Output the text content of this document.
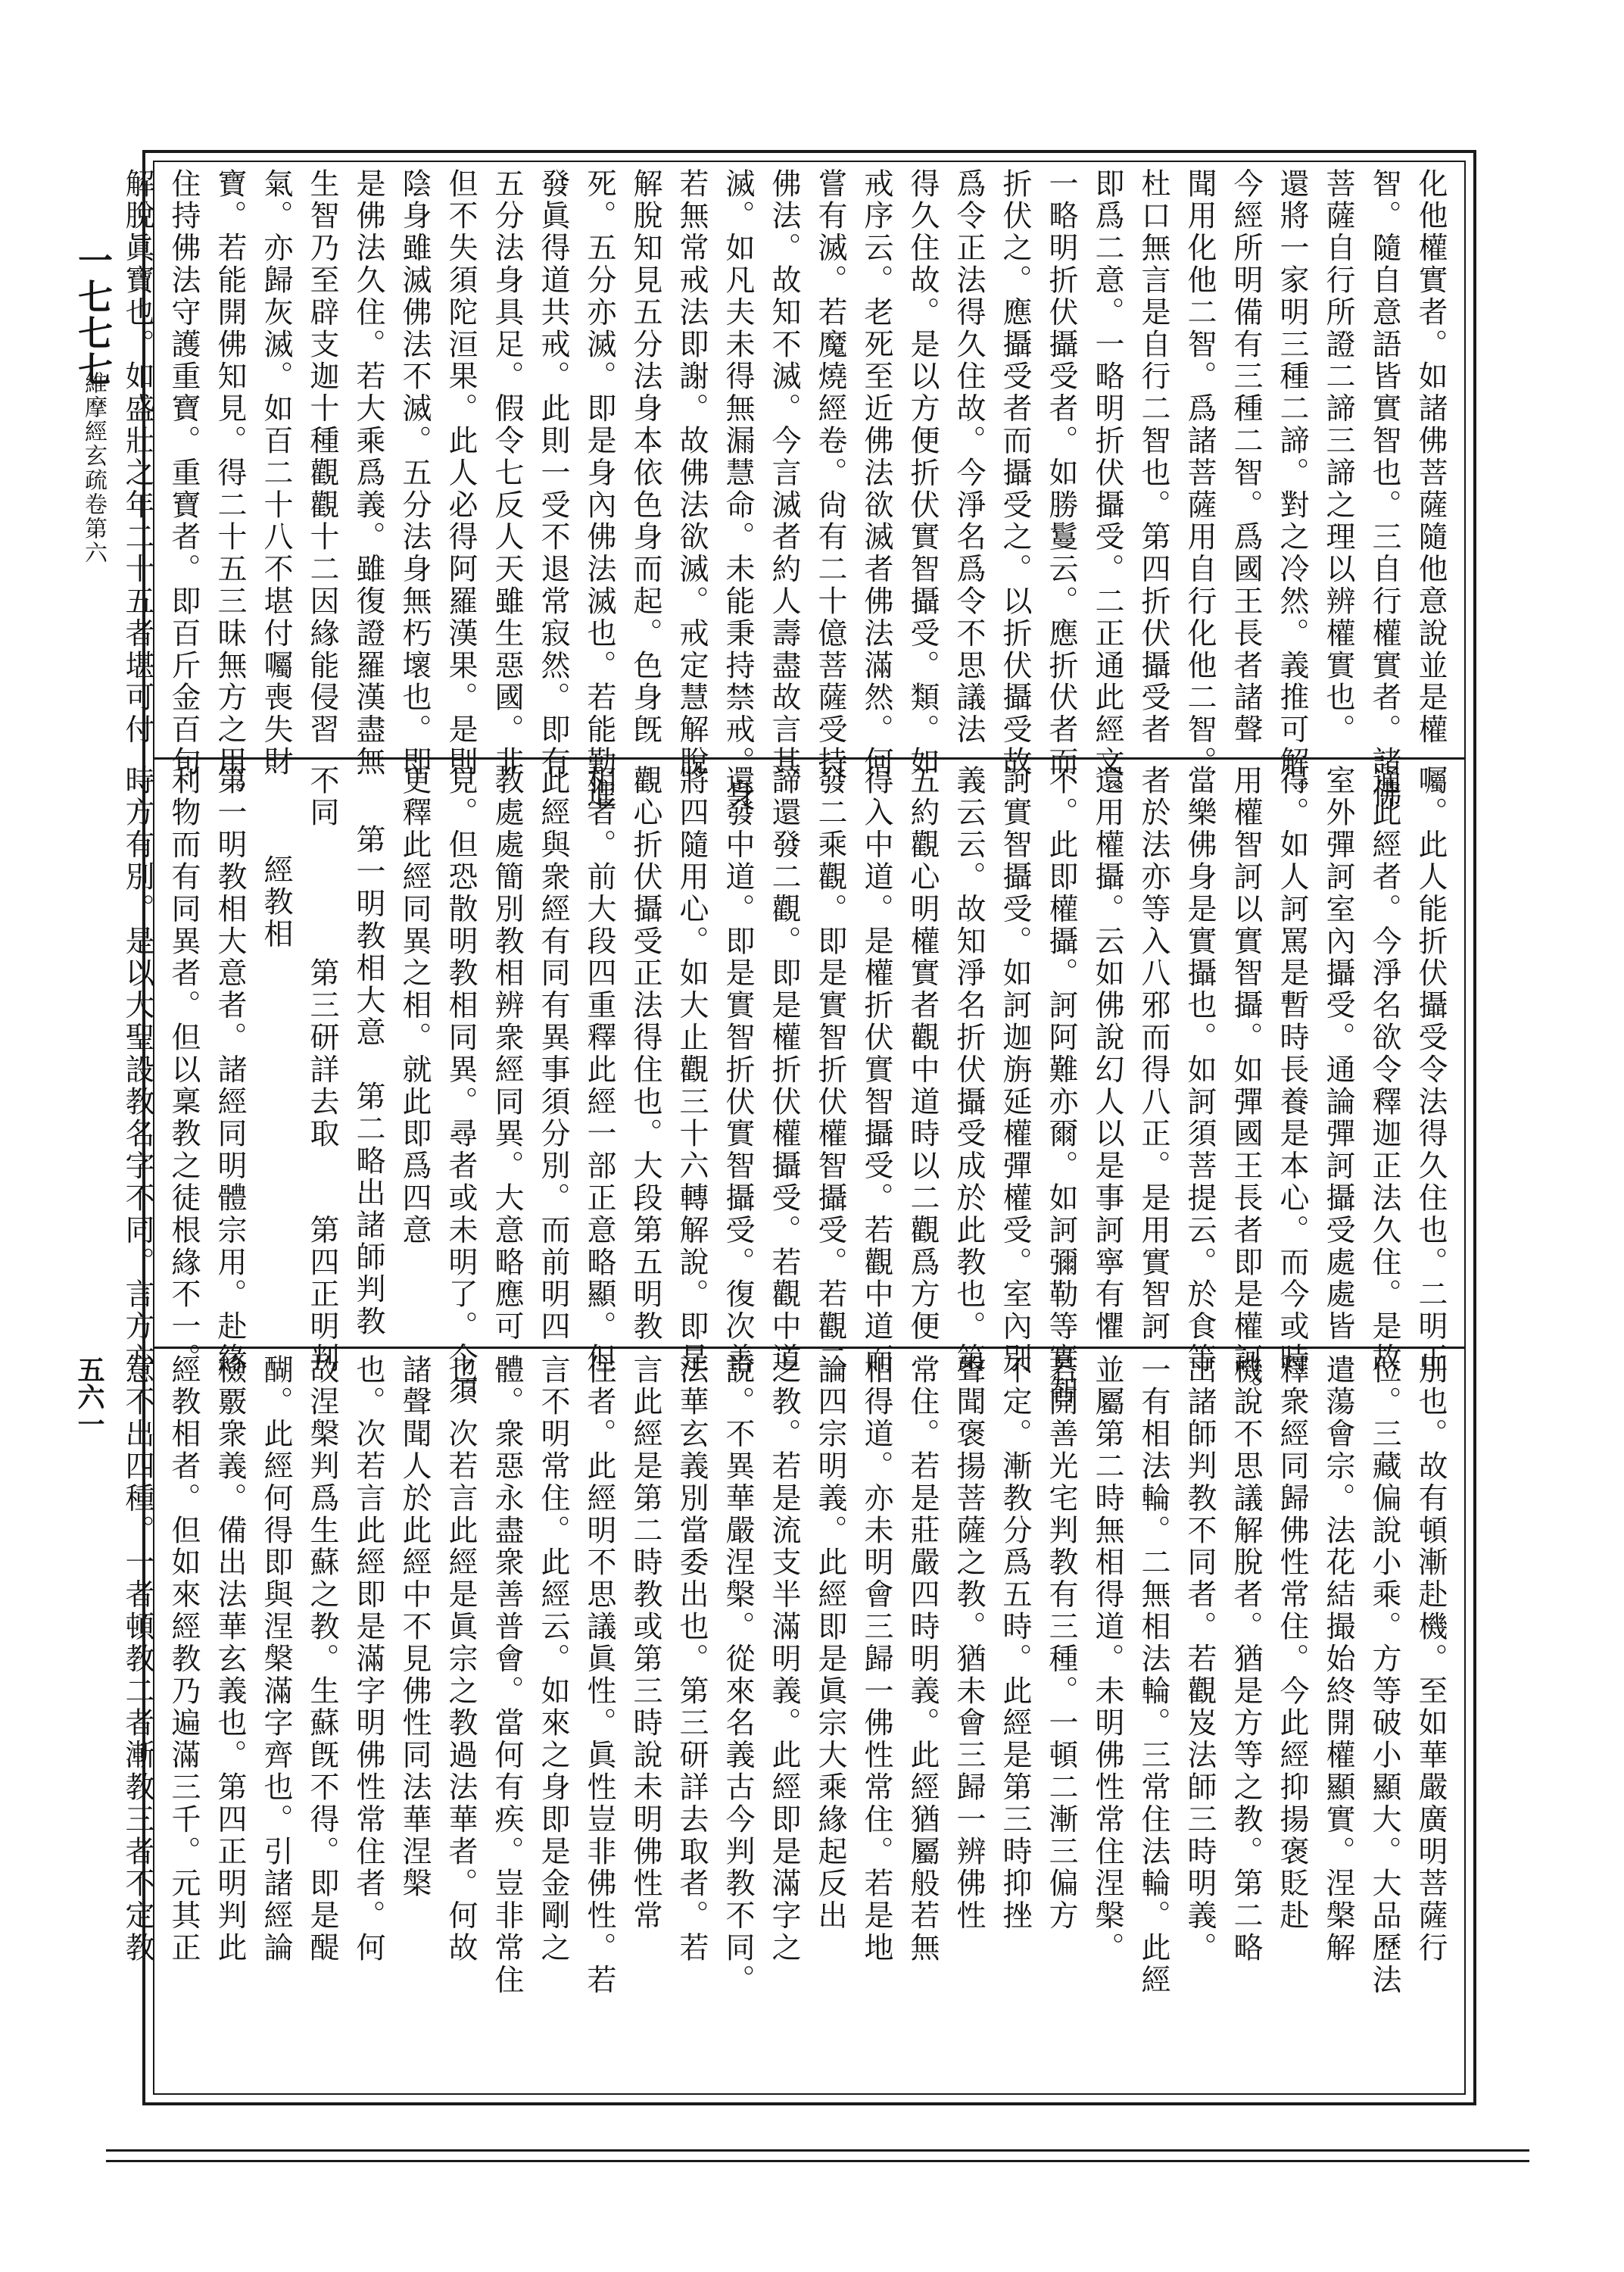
一七七七
維摩經玄疏卷第六
五六一
化他權實者。如諸佛菩薩隨他意說並是權
智。隨自意語皆實智也。三自行權實者。諸佛
菩薩自行所證二諦三諦之理以辨權實也。
還將一家明三種二諦。對之冷然。義推可解。
今經所明備有三種二智。爲國王長者諸聲
聞用化他二智。爲諸菩薩用自行化他二智。
杜口無言是自行二智也。第四折伏攝受者
即爲二意。一略明折伏攝受。二正通此經文。
一略明折伏攝受者。如勝鬘云。應折伏者而
折伏之。應攝受者而攝受之。以折伏攝受故
爲令正法得久住故。今淨名爲令不思議法
得久住故。是以方便折伏實智攝受。類。如
戒序云。老死至近佛法欲滅者佛法滿然。何
嘗有滅。若魔燒經卷。尙有二十億菩薩受持
佛法。故知不滅。今言滅者約人壽盡故言其
滅。如凡夫未得無漏慧命。未能秉持禁戒。身
若無常戒法即謝。故佛法欲滅。戒定慧解脫
解脫知見五分法身本依色身而起。色身旣
死。五分亦滅。即是身內佛法滅也。若能勤進
發眞得道共戒。此則一受不退常寂然。即有
五分法身具足。假令七反人天雖生惡國。非
但不失須陀洹果。此人必得阿羅漢果。是則
陰身雖滅佛法不滅。五分法身無朽壞也。即
是佛法久住。若大乘爲義。雖復證羅漢盡無
生智乃至辟支迦十種觀觀十二因緣能侵習
氣。亦歸灰滅。如百二十八不堪付囑喪失財
寶。若能開佛知見。得二十五三昧無方之用。
住持佛法守護重寶。重寶者。即百斤金百旬
解脫眞寶也。如盛壯之年二十五者堪可付
囑。此人能折伏攝受令法得久住也。二明正
通此經者。今淨名欲令釋迦正法久住。是故
室外彈訶室內攝受。通論彈訶攝受處處皆
得。如人訶罵是暫時長養是本心。而今或時
用權智訶以實智攝。如彈國王長者即是權訶。
當樂佛身是實攝也。如訶須菩提云。於食等
者於法亦等入八邪而得八正。是用實智訶
還用權攝。云如佛說幻人以是事訶寧有懼
不。此即權攝。訶阿難亦爾。如訶彌勒等實智
訶實智攝受。如訶迦旃延權彈權受。室內別
義云云。故知淨名折伏攝受成於此教也。第
五約觀心明權實者觀中道時以二觀爲方便
得入中道。是權折伏實智攝受。若觀中道而
發二乘觀。即是實智折伏權智攝受。若觀二
諦還發二觀。即是權折伏權攝受。若觀中道
還發中道。即是實智折伏實智攝受。復次善
將四隨用心。如大止觀三十六轉解說。即是
觀心折伏攝受正法得住也。大段第五明教
相者。前大段四重釋此經一部正意略顯。但
此經與衆經有同有異事須分別。而前明四
教處處簡別教相辨衆經同異。大意略應可
見。但恐散明教相同異。尋者或未明了。今須
更釋此經同異之相。就此即爲四意
第一明教相大意　第二略出諸師判教
不同　　　　第三研詳去取　　第四正明判
經教相
第一明教相大意者。諸經同明體宗用。赴緣
利物而有同異者。但以稟教之徒根緣不一。
時方有別。是以大聖設教名字不同。言方亦
別也。故有頓漸赴機。至如華嚴廣明菩薩行
位。三藏偏說小乘。方等破小顯大。大品歷法
遣蕩會宗。法花結撮始終開權顯實。涅槃解
釋衆經同歸佛性常住。今此經抑揚褒貶赴
機說不思議解脫者。猶是方等之教。第二略
出諸師判教不同者。若觀岌法師三時明義。
一有相法輪。二無相法輪。三常住法輪。此經
並屬第二時無相得道。未明佛性常住涅槃。
若開善光宅判教有三種。一頓二漸三偏方
不定。漸教分爲五時。此經是第三時抑挫
聲聞褒揚菩薩之教。猶未會三歸一辨佛性
常住。若是莊嚴四時明義。此經猶屬般若無
相得道。亦未明會三歸一佛性常住。若是地
論四宗明義。此經即是眞宗大乘緣起反出
之教。若是流支半滿明義。此經即是滿字之
說。不異華嚴涅槃。從來名義古今判教不同。
法華玄義別當委出也。第三研詳去取者。若
言此經是第二時教或第三時說未明佛性常
住者。此經明不思議眞性。眞性豈非佛性。若
言不明常住。此經云。如來之身即是金剛之
體。衆惡永盡衆善普會。當何有疾。豈非常住
也。次若言此經是眞宗之教過法華者。何故
諸聲聞人於此經中不見佛性同法華涅槃
也。次若言此經即是滿字明佛性常住者。何
故涅槃判爲生蘇之教。生蘇旣不得。即是醍
醐。此經何得即與涅槃滿字齊也。引諸經論
檢覈衆義。備出法華玄義也。第四正明判此
經教相者。但如來經教乃遍滿三千。元其正
意不出四種。一者頓教二者漸教三者不定教
